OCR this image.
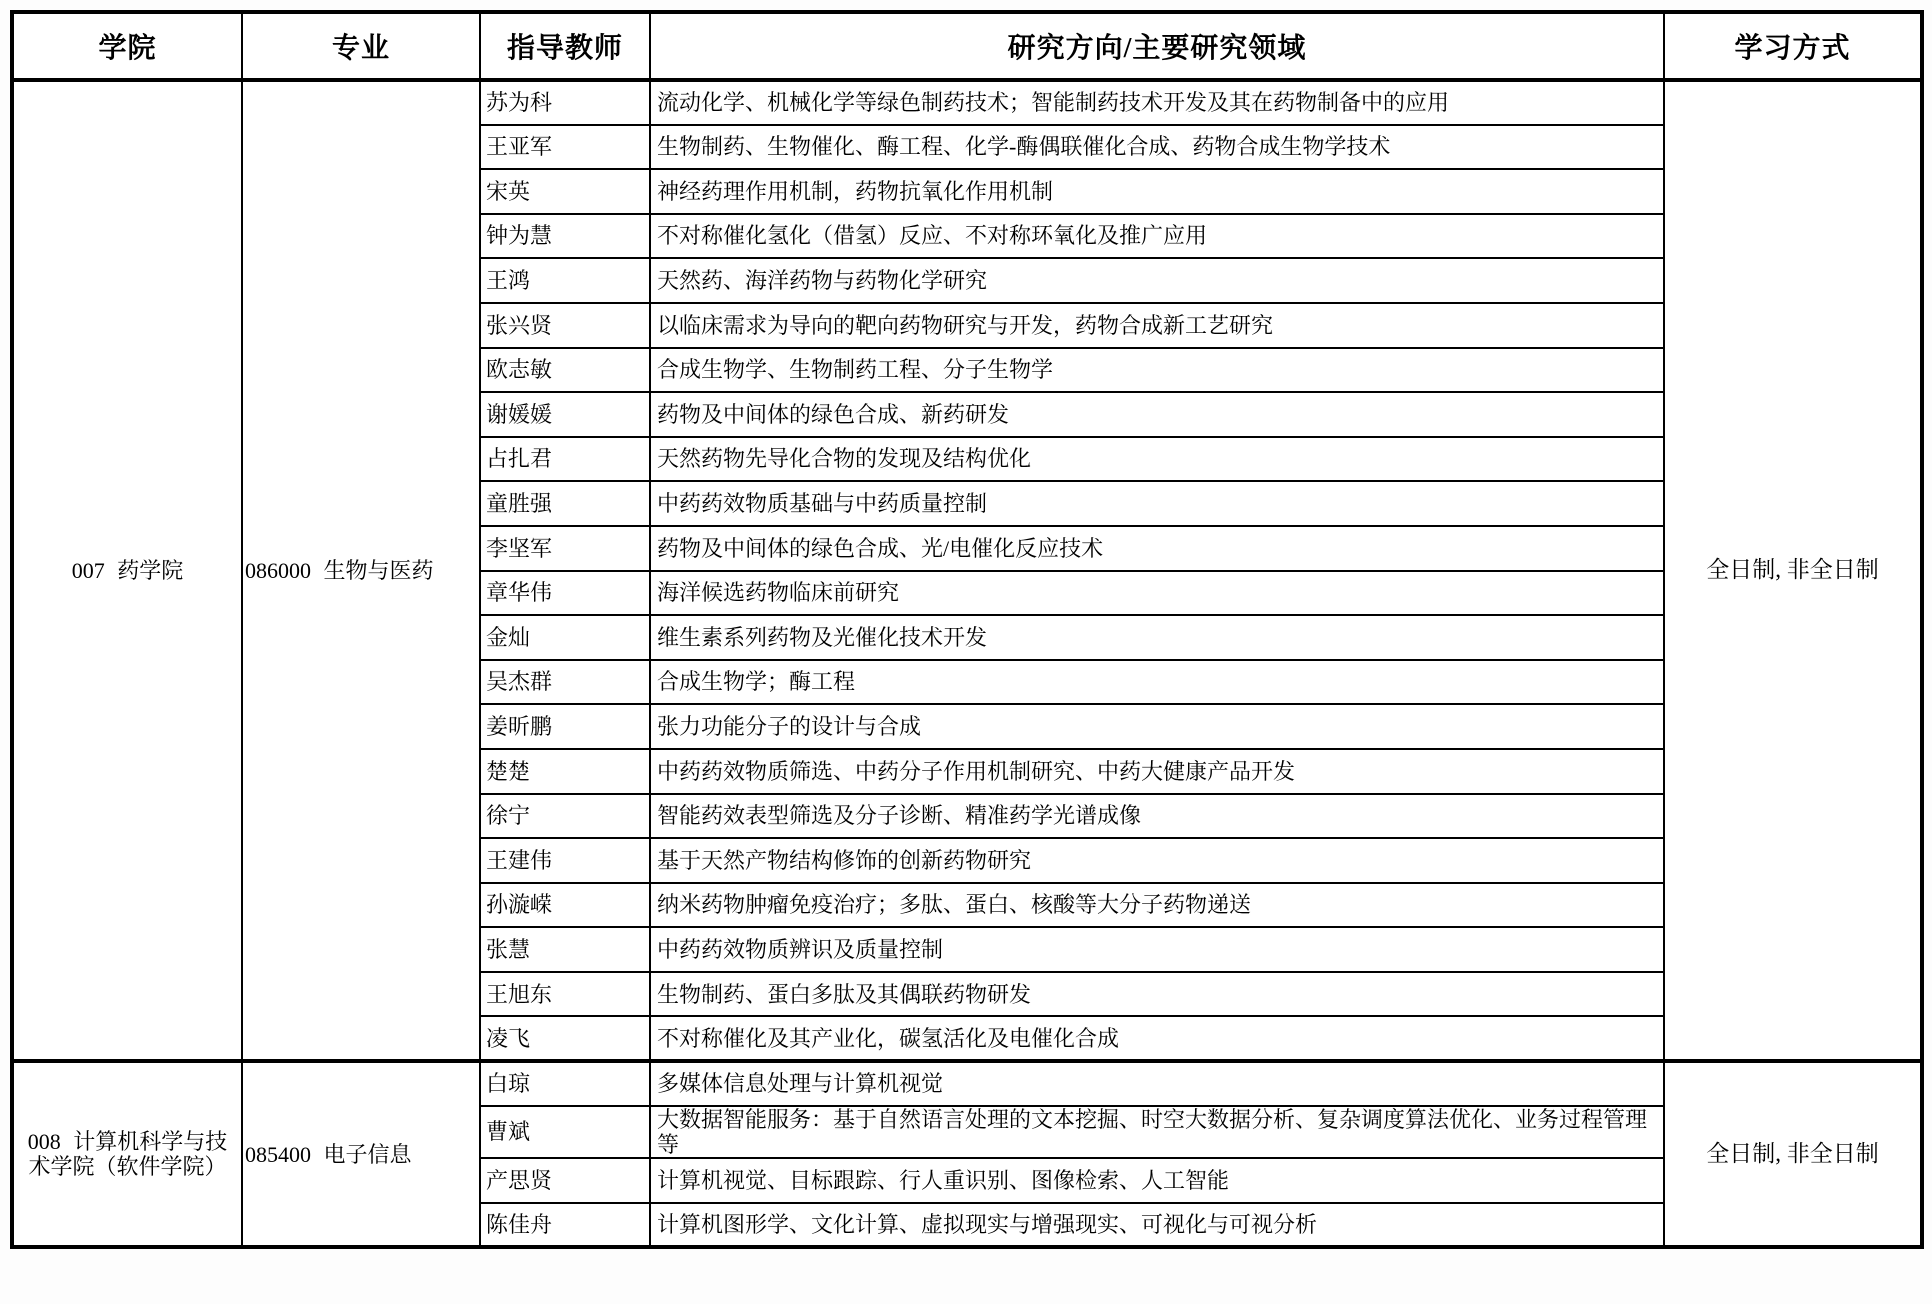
学院	专业	指导教师	研究方向/主要研究领域	学习方式
007 药学院	086000 生物与医药	苏为科	流动化学、机械化学等绿色制药技术；智能制药技术开发及其在药物制备中的应用	全日制, 非全日制
		王亚军	生物制药、生物催化、酶工程、化学-酶偶联催化合成、药物合成生物学技术	
		宋英	神经药理作用机制，药物抗氧化作用机制	
		钟为慧	不对称催化氢化（借氢）反应、不对称环氧化及推广应用	
		王鸿	天然药、海洋药物与药物化学研究	
		张兴贤	以临床需求为导向的靶向药物研究与开发，药物合成新工艺研究	
		欧志敏	合成生物学、生物制药工程、分子生物学	
		谢媛媛	药物及中间体的绿色合成、新药研发	
		占扎君	天然药物先导化合物的发现及结构优化	
		童胜强	中药药效物质基础与中药质量控制	
		李坚军	药物及中间体的绿色合成、光/电催化反应技术	
		章华伟	海洋候选药物临床前研究	
		金灿	维生素系列药物及光催化技术开发	
		吴杰群	合成生物学；酶工程	
		姜昕鹏	张力功能分子的设计与合成	
		楚楚	中药药效物质筛选、中药分子作用机制研究、中药大健康产品开发	
		徐宁	智能药效表型筛选及分子诊断、精准药学光谱成像	
		王建伟	基于天然产物结构修饰的创新药物研究	
		孙漩嵘	纳米药物肿瘤免疫治疗；多肽、蛋白、核酸等大分子药物递送	
		张慧	中药药效物质辨识及质量控制	
		王旭东	生物制药、蛋白多肽及其偶联药物研发	
		凌飞	不对称催化及其产业化，碳氢活化及电催化合成	
008 计算机科学与技术学院（软件学院）	085400 电子信息	白琼	多媒体信息处理与计算机视觉	全日制, 非全日制
		曹斌	大数据智能服务：基于自然语言处理的文本挖掘、时空大数据分析、复杂调度算法优化、业务过程管理等	
		产思贤	计算机视觉、目标跟踪、行人重识别、图像检索、人工智能	
		陈佳舟	计算机图形学、文化计算、虚拟现实与增强现实、可视化与可视分析	
